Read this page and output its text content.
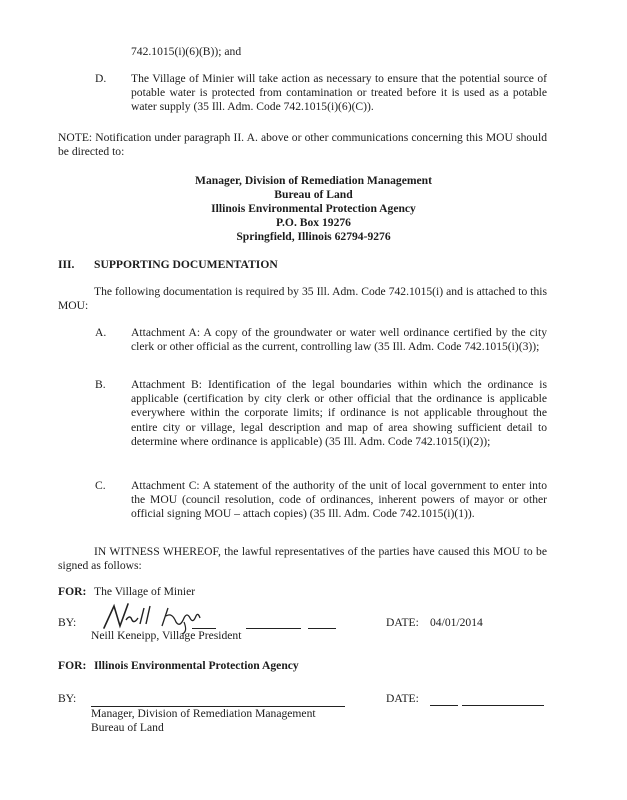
742.1015(i)(6)(B)); and
D. The Village of Minier will take action as necessary to ensure that the potential source of potable water is protected from contamination or treated before it is used as a potable water supply (35 Ill. Adm. Code 742.1015(i)(6)(C)).
NOTE: Notification under paragraph II. A. above or other communications concerning this MOU should be directed to:
Manager, Division of Remediation Management
Bureau of Land
Illinois Environmental Protection Agency
P.O. Box 19276
Springfield, Illinois 62794-9276
III. SUPPORTING DOCUMENTATION
The following documentation is required by 35 Ill. Adm. Code 742.1015(i) and is attached to this MOU:
A. Attachment A: A copy of the groundwater or water well ordinance certified by the city clerk or other official as the current, controlling law (35 Ill. Adm. Code 742.1015(i)(3));
B. Attachment B: Identification of the legal boundaries within which the ordinance is applicable (certification by city clerk or other official that the ordinance is applicable everywhere within the corporate limits; if ordinance is not applicable throughout the entire city or village, legal description and map of area showing sufficient detail to determine where ordinance is applicable) (35 Ill. Adm. Code 742.1015(i)(2));
C. Attachment C: A statement of the authority of the unit of local government to enter into the MOU (council resolution, code of ordinances, inherent powers of mayor or other official signing MOU – attach copies) (35 Ill. Adm. Code 742.1015(i)(1)).
IN WITNESS WHEREOF, the lawful representatives of the parties have caused this MOU to be signed as follows:
FOR: The Village of Minier
BY:
Neill Keneipp, Village President
DATE: 04/01/2014
FOR: Illinois Environmental Protection Agency
BY:
Manager, Division of Remediation Management
Bureau of Land
DATE:
